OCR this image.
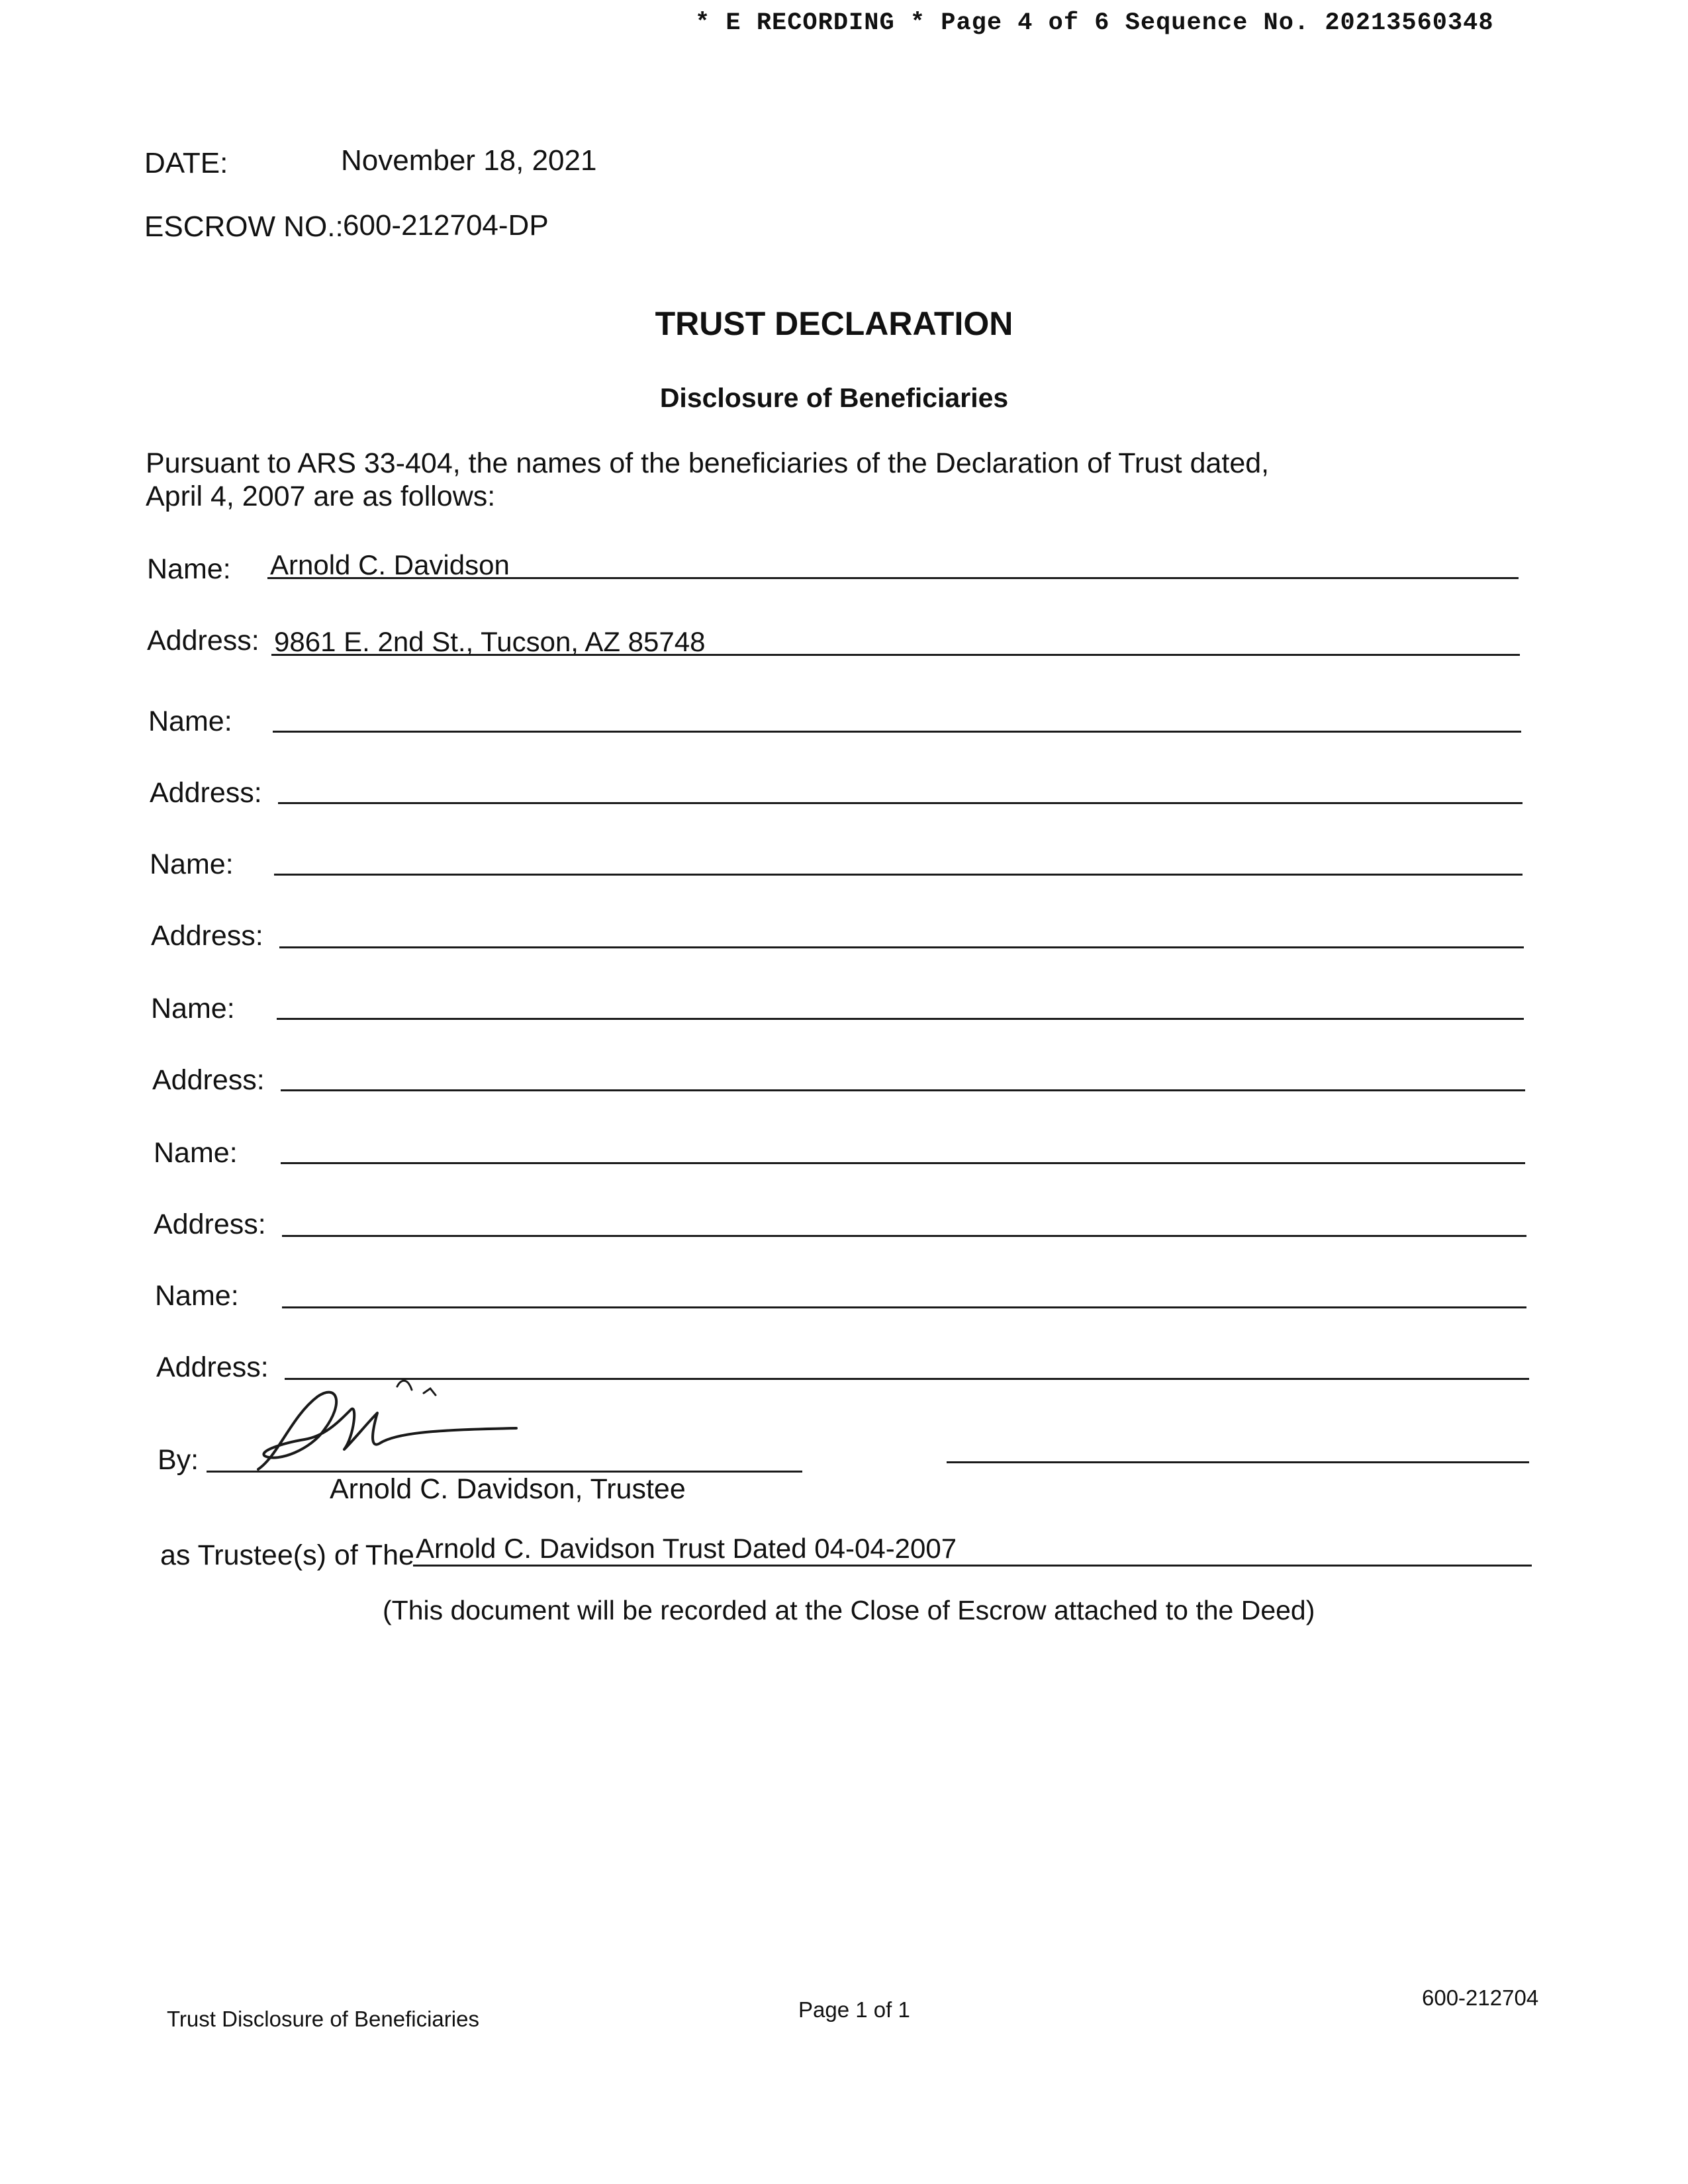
* E RECORDING * Page 4 of 6 Sequence No. 20213560348
DATE:	November 18, 2021
ESCROW NO.: 600-212704-DP
TRUST DECLARATION
Disclosure of Beneficiaries
Pursuant to ARS 33-404, the names of the beneficiaries of the Declaration of Trust dated,
April 4, 2007 are as follows:
Name: Arnold C. Davidson
Address: 9861 E. 2nd St., Tucson, AZ 85748
Name:
Address:
Name:
Address:
Name:
Address:
Name:
Address:
Name:
Address:
By:
Arnold C. Davidson, Trustee
as Trustee(s) of The Arnold C. Davidson Trust Dated 04-04-2007
(This document will be recorded at the Close of Escrow attached to the Deed)
Trust Disclosure of Beneficiaries	Page 1 of 1	600-212704
